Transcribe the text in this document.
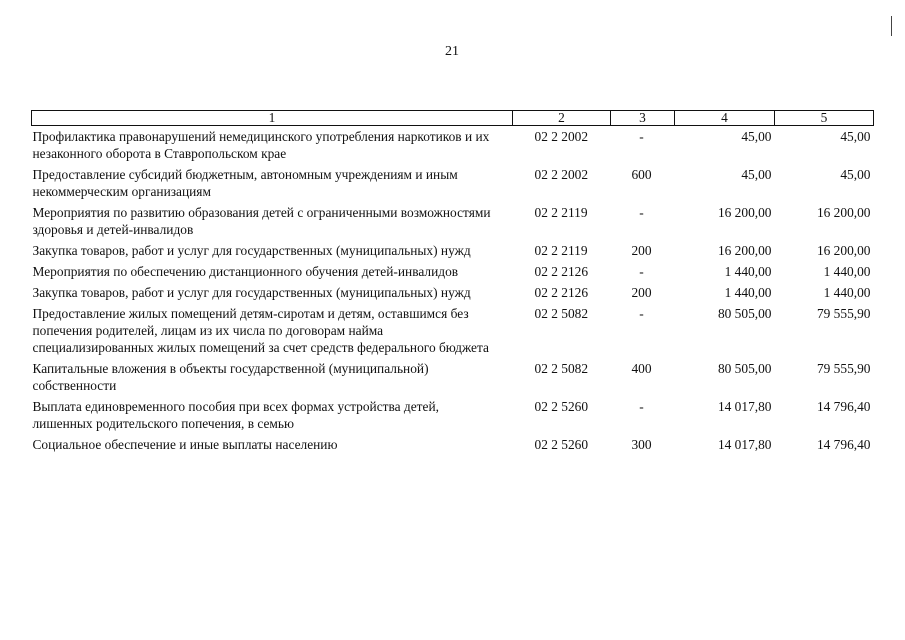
21
1	2	3	4	5
Профилактика правонарушений немедицинского употребления наркотиков и их незаконного оборота в Ставропольском крае	02 2 2002	-	45,00	45,00
Предоставление субсидий бюджетным, автономным учреждениям и иным некоммерческим организациям	02 2 2002	600	45,00	45,00
Мероприятия по развитию образования детей с ограниченными возможностями здоровья и детей-инвалидов	02 2 2119	-	16 200,00	16 200,00
Закупка товаров, работ и услуг для государственных (муниципальных) нужд	02 2 2119	200	16 200,00	16 200,00
Мероприятия по обеспечению дистанционного обучения детей-инвалидов	02 2 2126	-	1 440,00	1 440,00
Закупка товаров, работ и услуг для государственных (муниципальных) нужд	02 2 2126	200	1 440,00	1 440,00
Предоставление жилых помещений детям-сиротам и детям, оставшимся без попечения родителей, лицам из их числа по договорам найма специализированных жилых помещений за счет средств федерального бюджета	02 2 5082	-	80 505,00	79 555,90
Капитальные вложения в объекты государственной (муниципальной) собственности	02 2 5082	400	80 505,00	79 555,90
Выплата единовременного пособия при всех формах устройства детей, лишенных родительского попечения, в семью	02 2 5260	-	14 017,80	14 796,40
Социальное обеспечение и иные выплаты населению	02 2 5260	300	14 017,80	14 796,40
